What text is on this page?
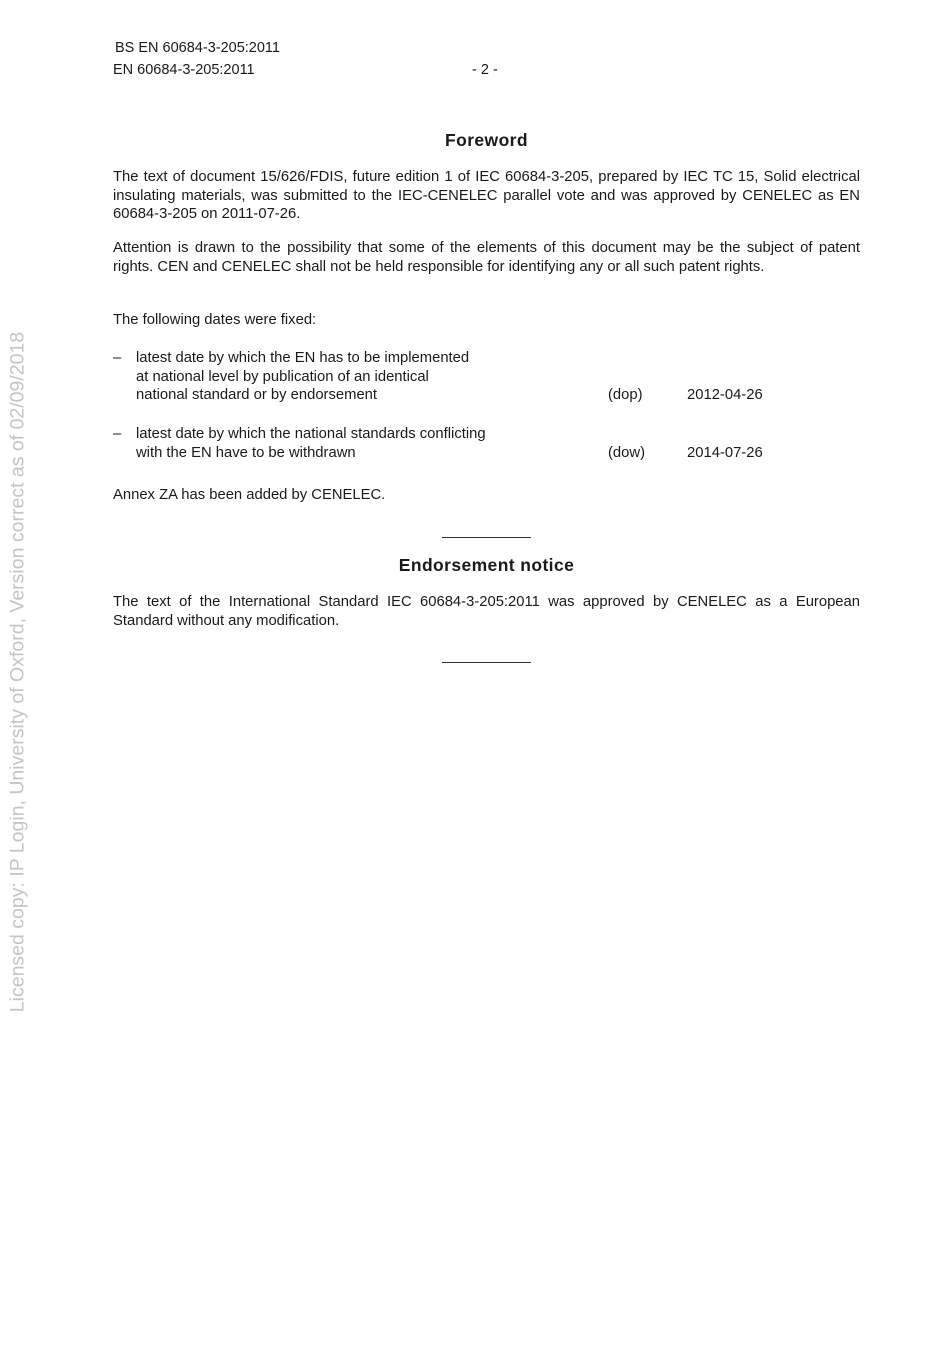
Licensed copy: IP Login, University of Oxford, Version correct as of 02/09/2018
BS EN 60684-3-205:2011
EN 60684-3-205:2011	- 2 -
Foreword
The text of document 15/626/FDIS, future edition 1 of IEC 60684-3-205, prepared by IEC TC 15, Solid electrical insulating materials, was submitted to the IEC-CENELEC parallel vote and was approved by CENELEC as EN 60684-3-205 on 2011-07-26.
Attention is drawn to the possibility that some of the elements of this document may be the subject of patent rights. CEN and CENELEC shall not be held responsible for identifying any or all such patent rights.
The following dates were fixed:
– latest date by which the EN has to be implemented
at national level by publication of an identical
national standard or by endorsement	(dop)	2012-04-26
– latest date by which the national standards conflicting
with the EN have to be withdrawn	(dow)	2014-07-26
Annex ZA has been added by CENELEC.
Endorsement notice
The text of the International Standard IEC 60684-3-205:2011 was approved by CENELEC as a European Standard without any modification.
